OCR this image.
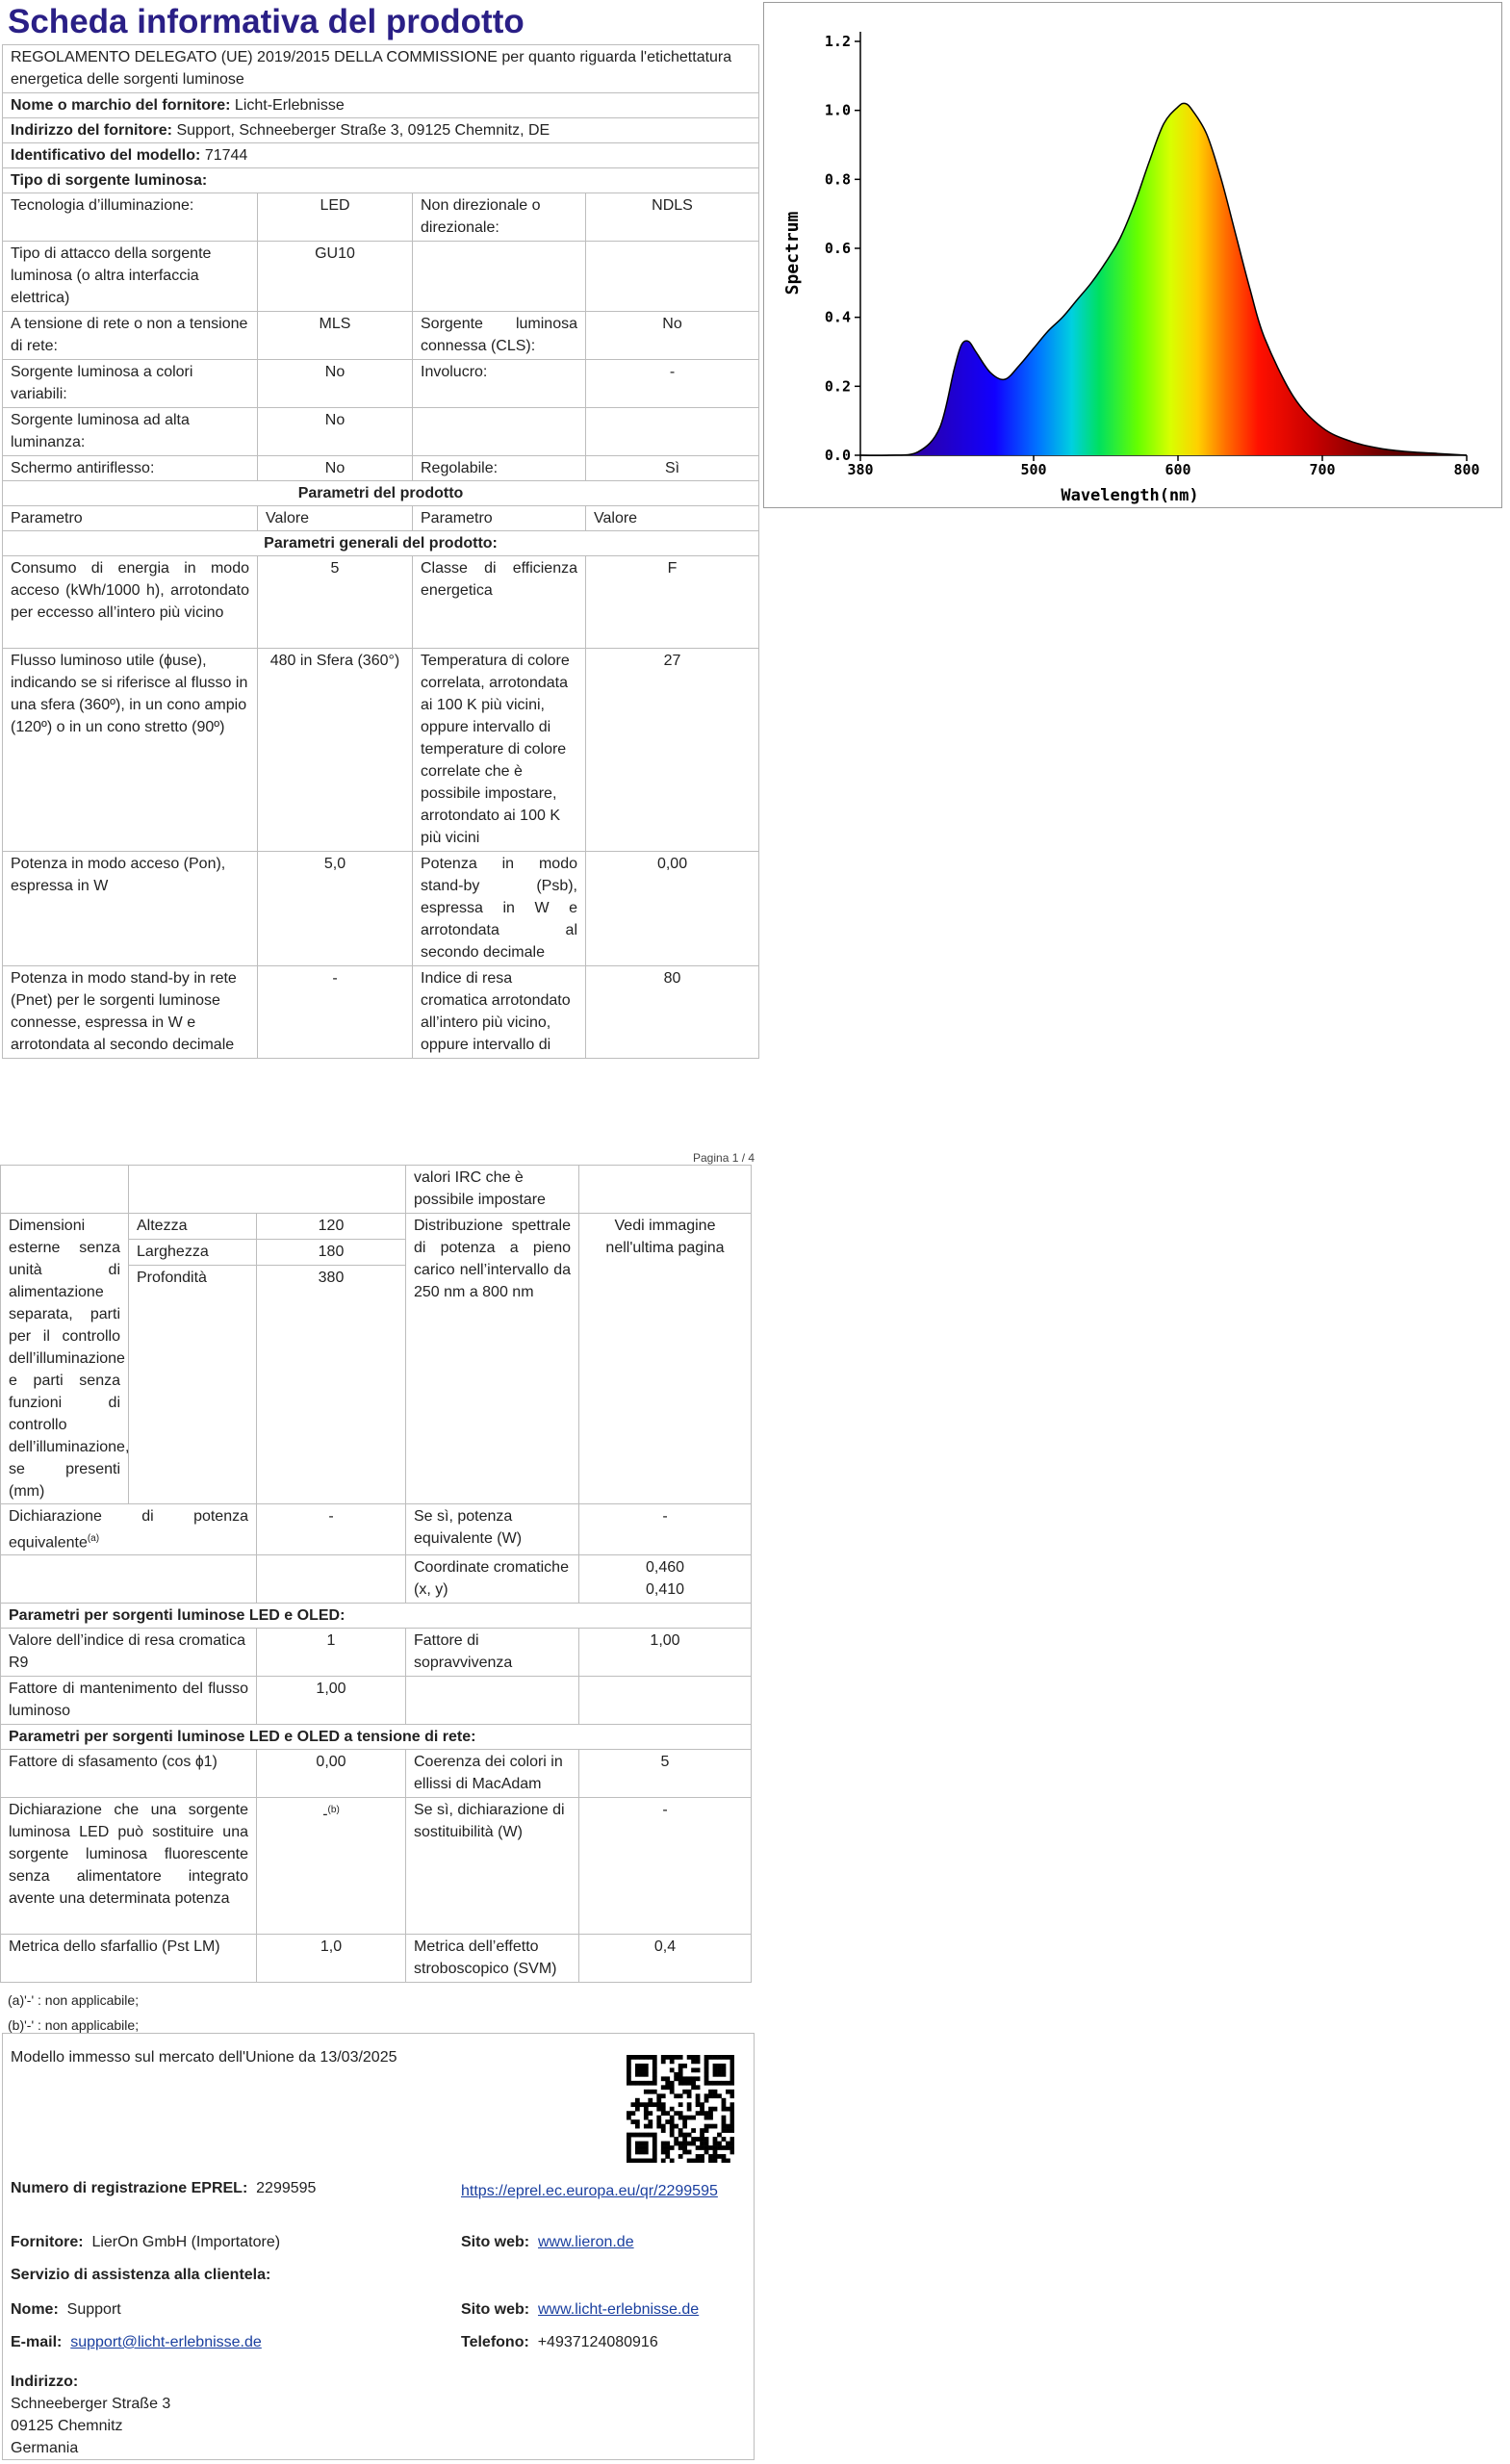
Scheda informativa del prodotto
REGOLAMENTO DELEGATO (UE) 2019/2015 DELLA COMMISSIONE per quanto riguarda l'etichettatura energetica delle sorgenti luminose			
Nome o marchio del fornitore: Licht-Erlebnisse			
Indirizzo del fornitore: Support, Schneeberger Straße 3, 09125 Chemnitz, DE			
Identificativo del modello: 71744			
Tipo di sorgente luminosa:			
Tecnologia d’illuminazione:	LED	Non direzionale o direzionale:	NDLS
Tipo di attacco della sorgente luminosa (o altra interfaccia elettrica)	GU10		
A tensione di rete o non a tensione di rete:	MLS	Sorgente luminosa connessa (CLS):	No
Sorgente luminosa a colori variabili:	No	Involucro:	-
Sorgente luminosa ad alta luminanza:	No		
Schermo antiriflesso:	No	Regolabile:	Sì
Parametri del prodotto			
Parametro	Valore	Parametro	Valore
Parametri generali del prodotto:			
Consumo di energia in modo acceso (kWh/1000 h), arrotondato per eccesso all’intero più vicino	5	Classe di efficienza energetica	F
Flusso luminoso utile (ɸuse), indicando se si riferisce al flusso in una sfera (360º), in un cono ampio (120º) o in un cono stretto (90º)	480 in Sfera (360°)	Temperatura di colore correlata, arrotondata ai 100 K più vicini, oppure intervallo di temperature di colore correlate che è possibile impostare, arrotondato ai 100 K più vicini	27
Potenza in modo acceso (Pon), espressa in W	5,0	Potenza in modo stand-by (Psb), espressa in W e arrotondata al secondo decimale	0,00
Potenza in modo stand-by in rete (Pnet) per le sorgenti luminose connesse, espressa in W e arrotondata al secondo decimale	-	Indice di resa cromatica arrotondato all’intero più vicino, oppure intervallo di	80
0.0
0.2
0.4
0.6
0.8
1.0
1.2
380	500	600	700	800
Spectrum
Wavelength(nm)
Pagina 1 / 4
			valori IRC che è possibile impostare	
Dimensioni esterne senza unità di alimentazione separata, parti per il controllo dell’illuminazione e parti senza funzioni di controllo dell’illuminazione, se presenti (mm)	Altezza	120	Distribuzione spettrale di potenza a pieno carico nell’intervallo da 250 nm a 800 nm	Vedi immagine nell'ultima pagina
	Larghezza	180		
	Profondità	380		
Dichiarazione di potenza equivalente$^{(a)}$		-	Se sì, potenza equivalente (W)	-
			Coordinate cromatiche (x, y)	0,460
0,410

Parametri per sorgenti luminose LED e OLED:				
Valore dell’indice di resa cromatica R9		1	Fattore di sopravvivenza	1,00
Fattore di mantenimento del flusso luminoso		1,00		
Parametri per sorgenti luminose LED e OLED a tensione di rete:				
Fattore di sfasamento (cos ɸ1)		0,00	Coerenza dei colori in ellissi di MacAdam	5
Dichiarazione che una sorgente luminosa LED può sostituire una sorgente luminosa fluorescente senza alimentatore integrato avente una determinata potenza		-$^{(b)}$	Se sì, dichiarazione di sostituibilità (W)	-
Metrica dello sfarfallio (Pst LM)		1,0	Metrica dell’effetto stroboscopico (SVM)	0,4
(a)'-' : non applicabile;
(b)'-' : non applicabile;
Modello immesso sul mercato dell'Unione da 13/03/2025
Numero di registrazione EPREL: 2299595	https://eprel.ec.europa.eu/qr/2299595
Fornitore: LierOn GmbH (Importatore)	Sito web: www.lieron.de
Servizio di assistenza alla clientela:
Nome: Support	Sito web: www.licht-erlebnisse.de
E-mail: support@licht-erlebnisse.de	Telefono: +4937124080916
Indirizzo:
Schneeberger Straße 3
09125 Chemnitz
Germania
